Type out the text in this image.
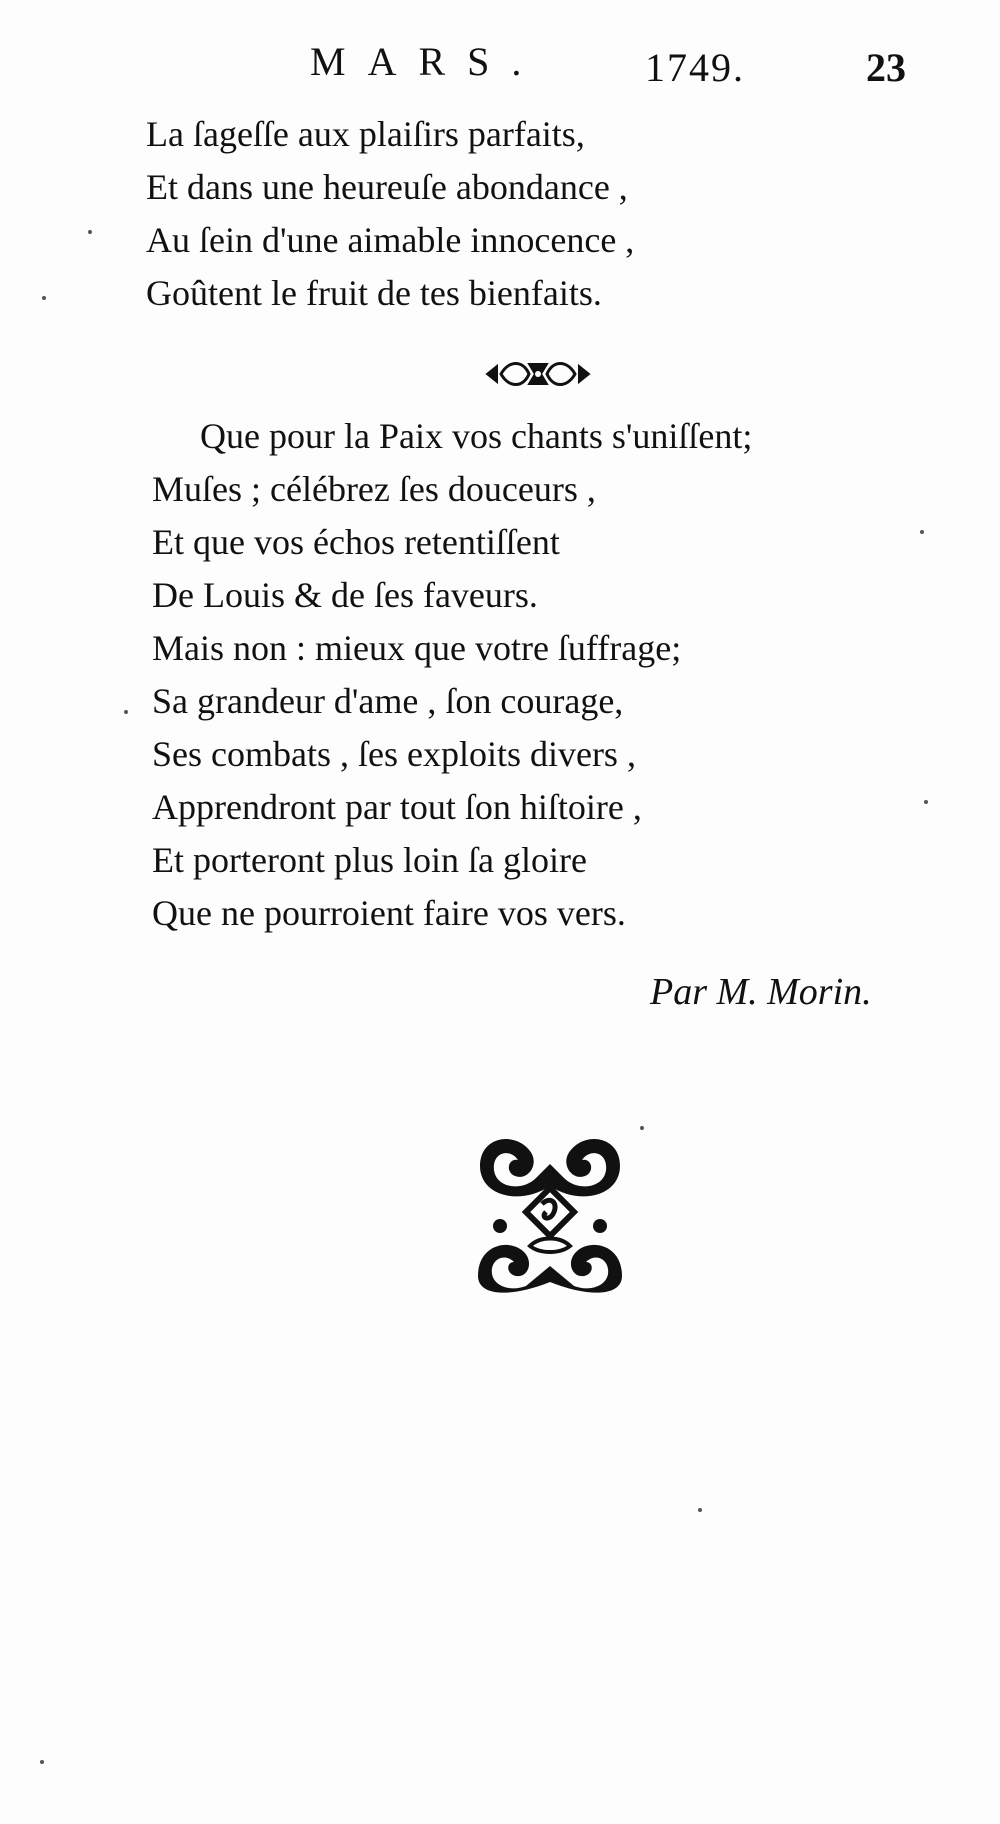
MARS.	1749.	23
La ſageſſe aux plaiſirs parfaits,
Et dans une heureuſe abondance ,
Au ſein d'une aimable innocence ,
Goûtent le fruit de tes bienfaits.
Que pour la Paix vos chants s'uniſſent;
Muſes ; célébrez ſes douceurs ,
Et que vos échos retentiſſent
De Louis & de ſes faveurs.
Mais non : mieux que votre ſuffrage;
Sa grandeur d'ame , ſon courage,
Ses combats , ſes exploits divers ,
Apprendront par tout ſon hiſtoire ,
Et porteront plus loin ſa gloire
Que ne pourroient faire vos vers.
Par M. Morin.
